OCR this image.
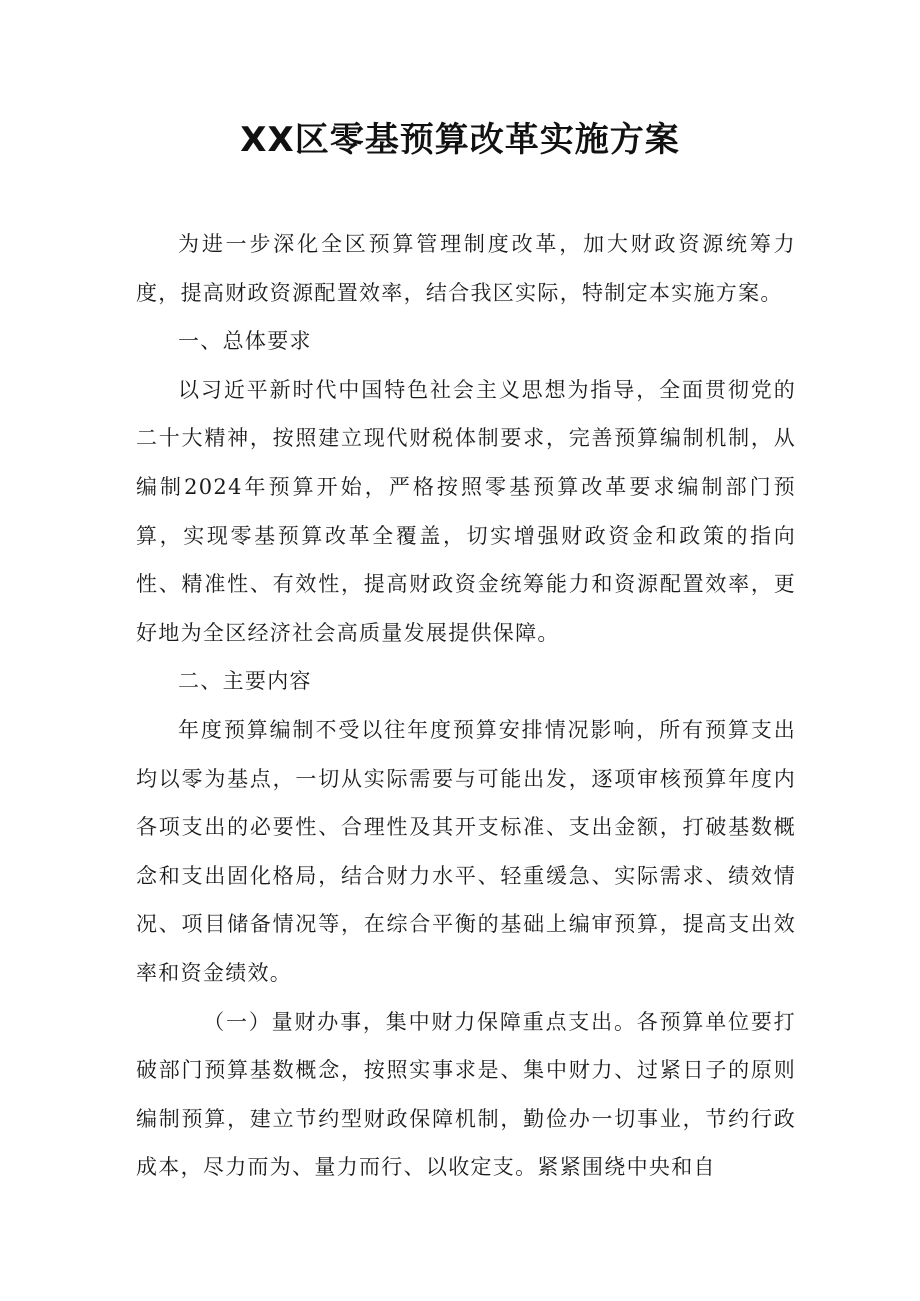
XX区零基预算改革实施方案

为进一步深化全区预算管理制度改革，加大财政资源统筹力度，提高财政资源配置效率，结合我区实际，特制定本实施方案。

一、总体要求

以习近平新时代中国特色社会主义思想为指导，全面贯彻党的二十大精神，按照建立现代财税体制要求，完善预算编制机制，从编制2024年预算开始，严格按照零基预算改革要求编制部门预算，实现零基预算改革全覆盖，切实增强财政资金和政策的指向性、精准性、有效性，提高财政资金统筹能力和资源配置效率，更好地为全区经济社会高质量发展提供保障。

二、主要内容

年度预算编制不受以往年度预算安排情况影响，所有预算支出均以零为基点，一切从实际需要与可能出发，逐项审核预算年度内各项支出的必要性、合理性及其开支标准、支出金额，打破基数概念和支出固化格局，结合财力水平、轻重缓急、实际需求、绩效情况、项目储备情况等，在综合平衡的基础上编审预算，提高支出效率和资金绩效。

（一）量财办事，集中财力保障重点支出。各预算单位要打破部门预算基数概念，按照实事求是、集中财力、过紧日子的原则编制预算，建立节约型财政保障机制，勤俭办一切事业，节约行政成本，尽力而为、量力而行、以收定支。紧紧围绕中央和自
